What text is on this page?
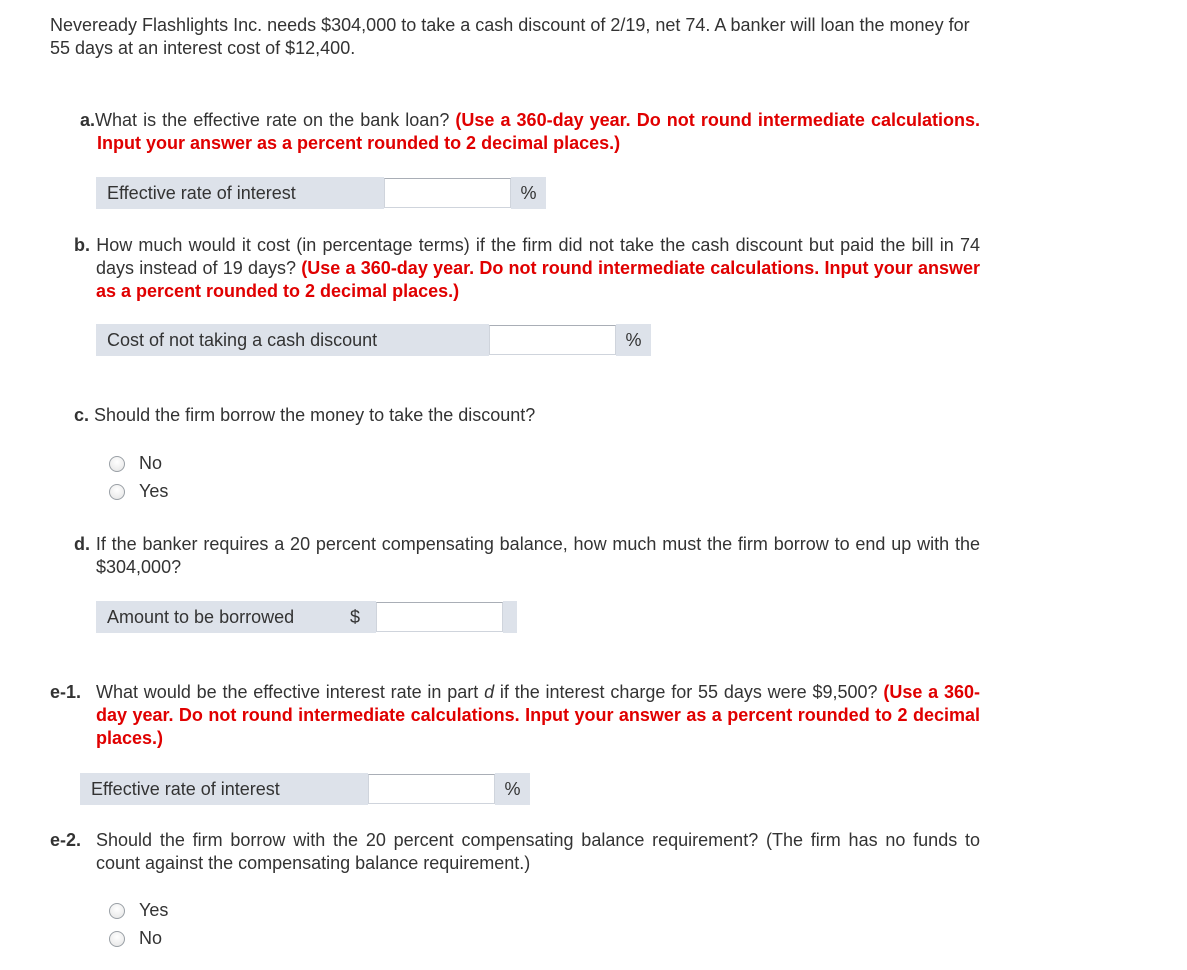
Neveready Flashlights Inc. needs $304,000 to take a cash discount of 2/19, net 74. A banker will loan the money for 55 days at an interest cost of $12,400.
a.What is the effective rate on the bank loan? (Use a 360-day year. Do not round intermediate calculations. Input your answer as a percent rounded to 2 decimal places.)
Effective rate of interest	%
b. How much would it cost (in percentage terms) if the firm did not take the cash discount but paid the bill in 74 days instead of 19 days? (Use a 360-day year. Do not round intermediate calculations. Input your answer as a percent rounded to 2 decimal places.)
Cost of not taking a cash discount	%
c. Should the firm borrow the money to take the discount?
No
Yes
d. If the banker requires a 20 percent compensating balance, how much must the firm borrow to end up with the $304,000?
Amount to be borrowed	$
e-1. What would be the effective interest rate in part d if the interest charge for 55 days were $9,500? (Use a 360-day year. Do not round intermediate calculations. Input your answer as a percent rounded to 2 decimal places.)
Effective rate of interest	%
e-2. Should the firm borrow with the 20 percent compensating balance requirement? (The firm has no funds to count against the compensating balance requirement.)
Yes
No
